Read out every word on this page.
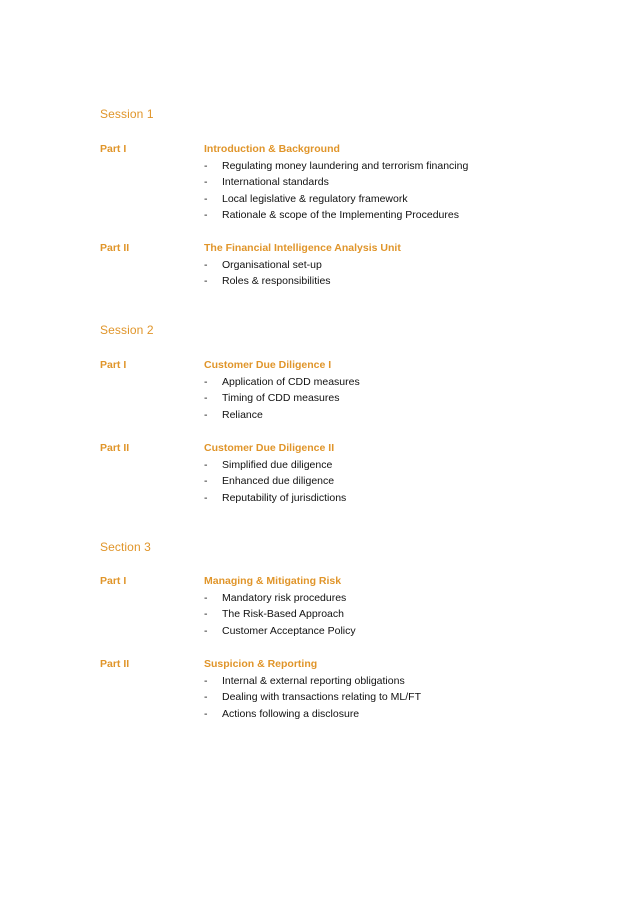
Session 1
Part I	Introduction & Background
- Regulating money laundering and terrorism financing
- International standards
- Local legislative & regulatory framework
- Rationale & scope of the Implementing Procedures
Part II	The Financial Intelligence Analysis Unit
- Organisational set-up
- Roles & responsibilities
Session 2
Part I	Customer Due Diligence I
- Application of CDD measures
- Timing of CDD measures
- Reliance
Part II	Customer Due Diligence II
- Simplified due diligence
- Enhanced due diligence
- Reputability of jurisdictions
Section 3
Part I	Managing & Mitigating Risk
- Mandatory risk procedures
- The Risk-Based Approach
- Customer Acceptance Policy
Part II	Suspicion & Reporting
- Internal & external reporting obligations
- Dealing with transactions relating to ML/FT
- Actions following a disclosure
